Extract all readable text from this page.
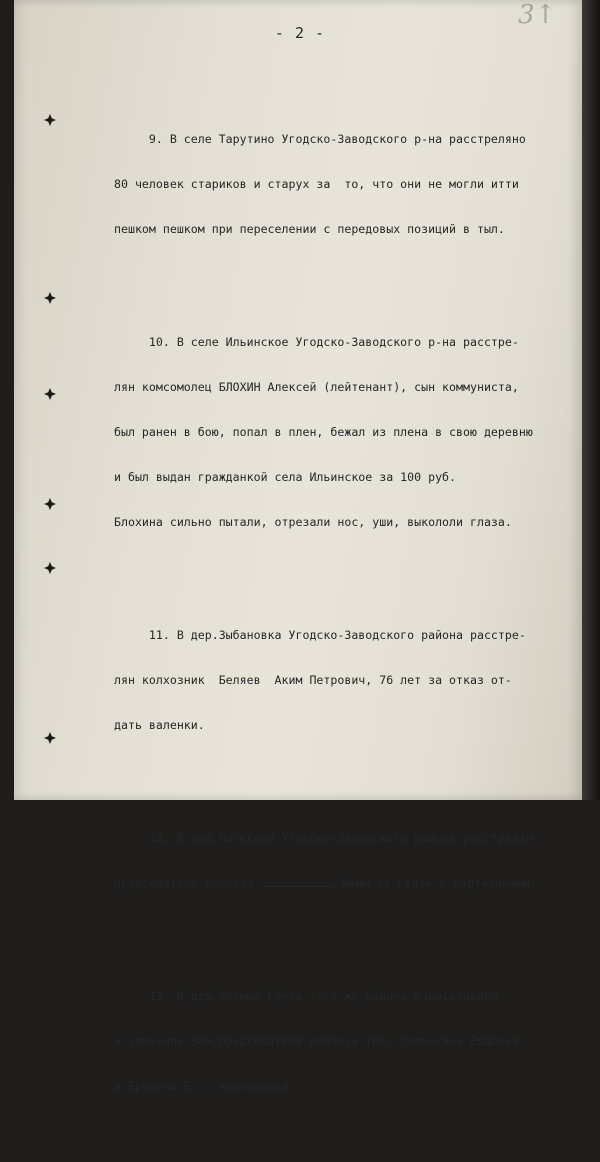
3↑
- 2 -

9. В селе Тарутино Угодско-Заводского р-на расстреляно

80 человек стариков и старух за  то, что они не могли итти

пешком пешком при переселении с передовых позиций в тыл.

10. В селе Ильинское Угодско-Заводского р-на расстре-

лян комсомолец БЛОХИН Алексей (лейтенант), сын коммуниста,

был ранен в бою, попал в плен, бежал из плена в свою деревню

и был выдан гражданкой села Ильинское за 100 руб.

Блохина сильно пытали, отрезали нос, уши, выкололи глаза.

11. В дер.Зыбановка Угодско-Заводского района расстре-

лян колхозник  Беляев  Аким Петрович, 76 лет за отказ от-

дать валенки.

12. В дер.Лыськово Угодско-Заводского района расстрелян

председатель колхоза	Аким за связь с партизанами.

13. В дер.Черные Грязи того же района изнасиловали

и замучили Зам.Председателя колхоза тов. Солонкина Евдокия

и Ерохина Е. - комсомолка.
